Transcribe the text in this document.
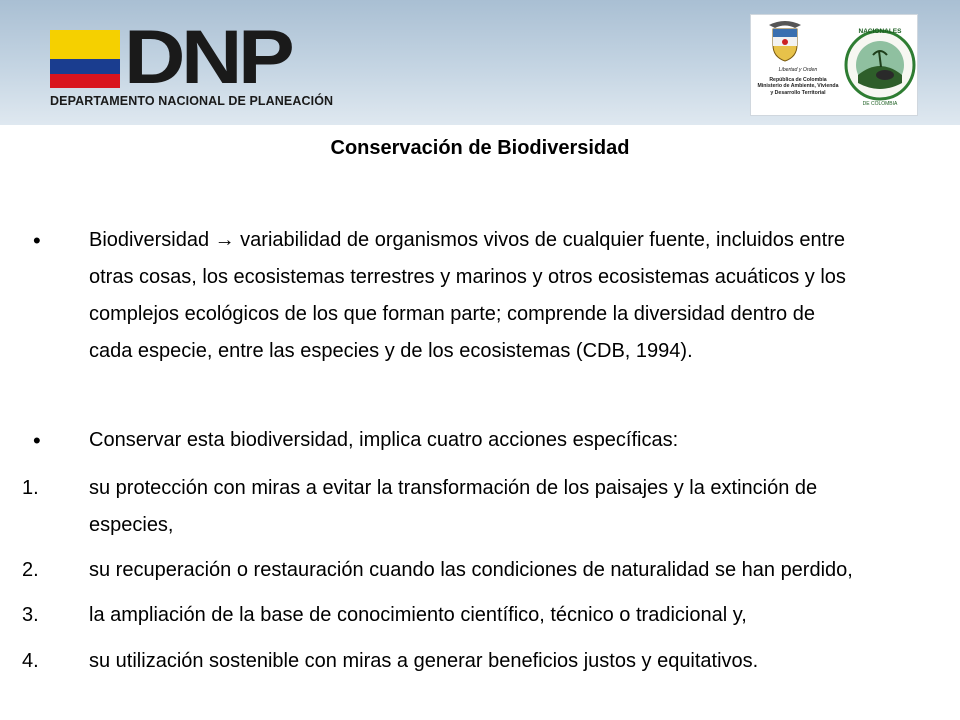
DNP
DEPARTAMENTO NACIONAL DE PLANEACIÓN
Libertad y Orden
República de Colombia
Ministerio de Ambiente, Vivienda
y Desarrollo Territorial
NACIONALES
DE COLOMBIA
Conservación de Biodiversidad
•	Biodiversidad → variabilidad de organismos vivos de cualquier fuente, incluidos entre
otras cosas, los ecosistemas terrestres y marinos y otros ecosistemas acuáticos y los
complejos ecológicos de los que forman parte; comprende la diversidad dentro de
cada especie, entre las especies y de los ecosistemas (CDB, 1994).
•	Conservar esta biodiversidad, implica cuatro acciones específicas:
1.	su protección con miras a evitar la transformación de los paisajes y la extinción de
especies,
2.	su recuperación o restauración cuando las condiciones de naturalidad se han perdido,
3.	la ampliación de la base de conocimiento científico, técnico o tradicional y,
4.	su utilización sostenible con miras a generar beneficios justos y equitativos.
